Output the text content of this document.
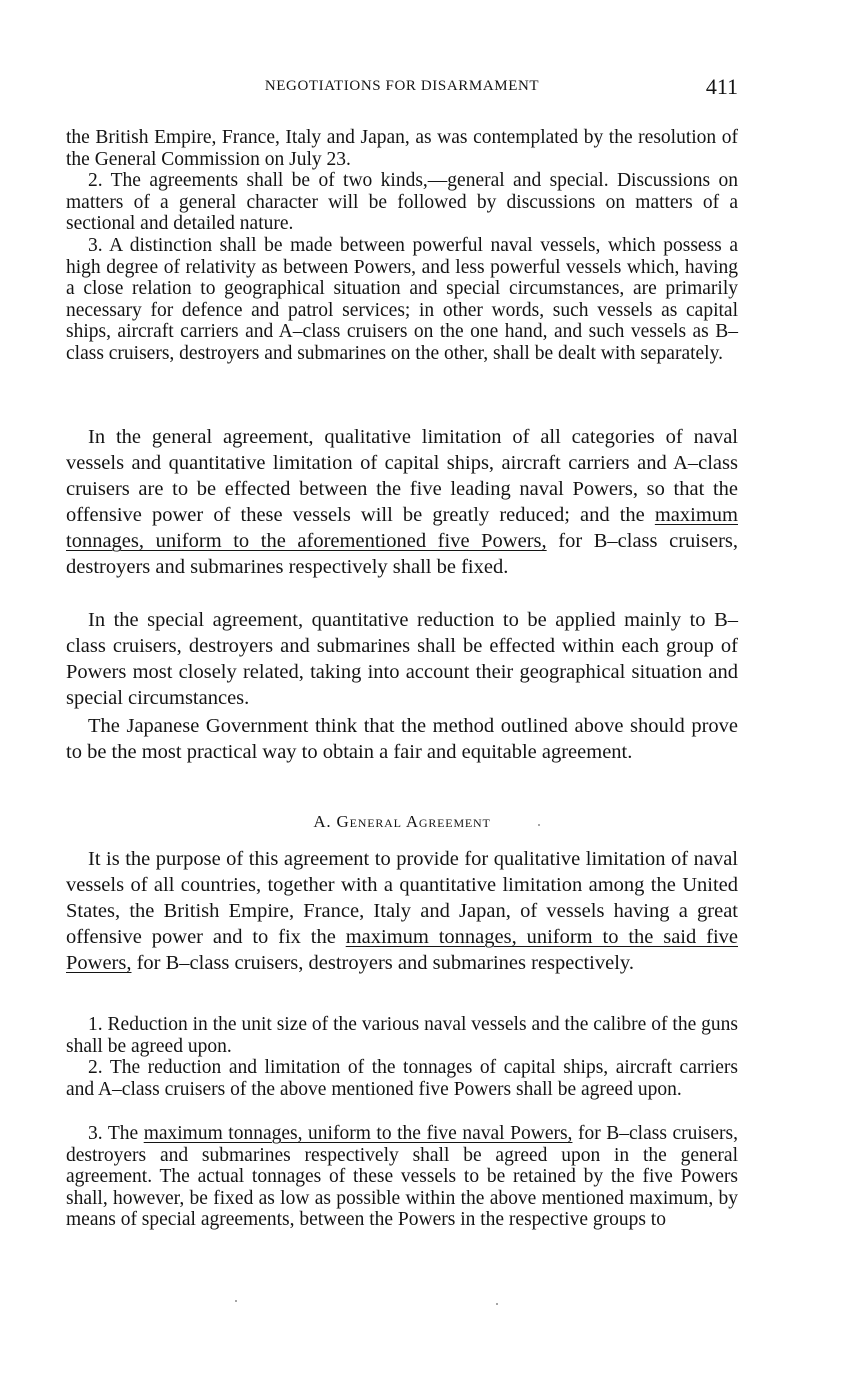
NEGOTIATIONS FOR DISARMAMENT	411

the British Empire, France, Italy and Japan, as was contemplated by the resolution of the General Commission on July 23.

2. The agreements shall be of two kinds,—general and special. Discussions on matters of a general character will be followed by discussions on matters of a sectional and detailed nature.

3. A distinction shall be made between powerful naval vessels, which possess a high degree of relativity as between Powers, and less powerful vessels which, having a close relation to geographical situation and special circumstances, are primarily necessary for defence and patrol services; in other words, such vessels as capital ships, aircraft carriers and A–class cruisers on the one hand, and such vessels as B–class cruisers, destroyers and submarines on the other, shall be dealt with separately.

In the general agreement, qualitative limitation of all categories of naval vessels and quantitative limitation of capital ships, aircraft carriers and A–class cruisers are to be effected between the five leading naval Powers, so that the offensive power of these vessels will be greatly reduced; and the maximum tonnages, uniform to the aforementioned five Powers, for B–class cruisers, destroyers and submarines respectively shall be fixed.

In the special agreement, quantitative reduction to be applied mainly to B–class cruisers, destroyers and submarines shall be effected within each group of Powers most closely related, taking into account their geographical situation and special circumstances.

The Japanese Government think that the method outlined above should prove to be the most practical way to obtain a fair and equitable agreement.

A. General Agreement

It is the purpose of this agreement to provide for qualitative limitation of naval vessels of all countries, together with a quantitative limitation among the United States, the British Empire, France, Italy and Japan, of vessels having a great offensive power and to fix the maximum tonnages, uniform to the said five Powers, for B–class cruisers, destroyers and submarines respectively.

1. Reduction in the unit size of the various naval vessels and the calibre of the guns shall be agreed upon.

2. The reduction and limitation of the tonnages of capital ships, aircraft carriers and A–class cruisers of the above mentioned five Powers shall be agreed upon.

3. The maximum tonnages, uniform to the five naval Powers, for B–class cruisers, destroyers and submarines respectively shall be agreed upon in the general agreement. The actual tonnages of these vessels to be retained by the five Powers shall, however, be fixed as low as possible within the above mentioned maximum, by means of special agreements, between the Powers in the respective groups to
